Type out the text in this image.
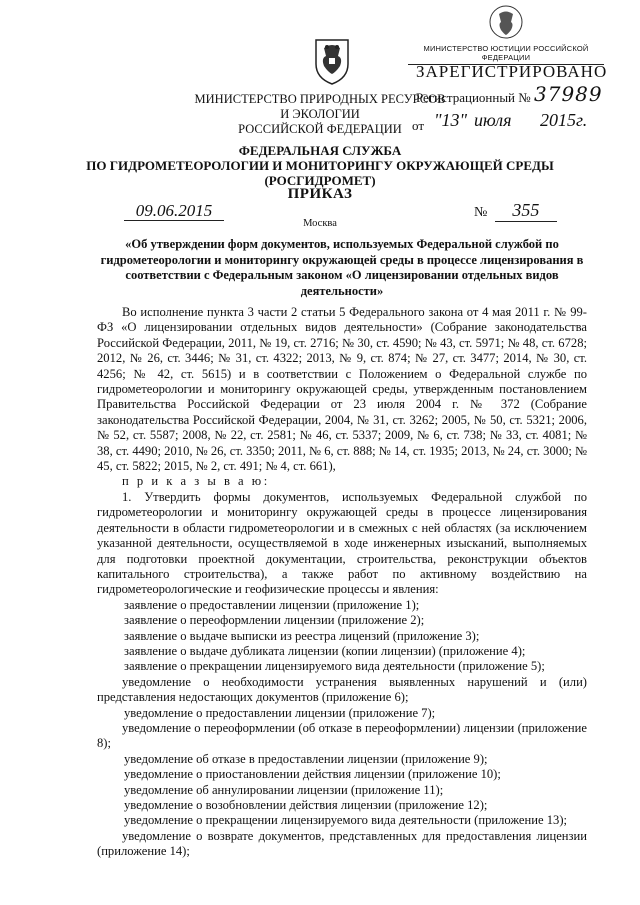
МИНИСТЕРСТВО ЮСТИЦИИ РОССИЙСКОЙ ФЕДЕРАЦИИ
ЗАРЕГИСТРИРОВАНО
Регистрационный № 37989
от "13" июля 2015г.
МИНИСТЕРСТВО ПРИРОДНЫХ РЕСУРСОВ И ЭКОЛОГИИ
РОССИЙСКОЙ ФЕДЕРАЦИИ
ФЕДЕРАЛЬНАЯ СЛУЖБА
ПО ГИДРОМЕТЕОРОЛОГИИ И МОНИТОРИНГУ ОКРУЖАЮЩЕЙ СРЕДЫ
(РОСГИДРОМЕТ)
ПРИКАЗ
09.06.2015
Москва
№ 355
«Об утверждении форм документов, используемых Федеральной службой по гидрометеорологии и мониторингу окружающей среды в процессе лицензирования в соответствии с Федеральным законом «О лицензировании отдельных видов деятельности»

Во исполнение пункта 3 части 2 статьи 5 Федерального закона от 4 мая 2011 г. № 99-ФЗ «О лицензировании отдельных видов деятельности» (Собрание законодательства Российской Федерации, 2011, № 19, ст. 2716; № 30, ст. 4590; № 43, ст. 5971; № 48, ст. 6728; 2012, № 26, ст. 3446; № 31, ст. 4322; 2013, № 9, ст. 874; № 27, ст. 3477; 2014, № 30, ст. 4256; № 42, ст. 5615) и в соответствии с Положением о Федеральной службе по гидрометеорологии и мониторингу окружающей среды, утвержденным постановлением Правительства Российской Федерации от 23 июля 2004 г. № 372 (Собрание законодательства Российской Федерации, 2004, № 31, ст. 3262; 2005, № 50, ст. 5321; 2006, № 52, ст. 5587; 2008, № 22, ст. 2581; № 46, ст. 5337; 2009, № 6, ст. 738; № 33, ст. 4081; № 38, ст. 4490; 2010, № 26, ст. 3350; 2011, № 6, ст. 888; № 14, ст. 1935; 2013, № 24, ст. 3000; № 45, ст. 5822; 2015, № 2, ст. 491; № 4, ст. 661),

п р и к а з ы в а ю:

1. Утвердить формы документов, используемых Федеральной службой по гидрометеорологии и мониторингу окружающей среды в процессе лицензирования деятельности в области гидрометеорологии и в смежных с ней областях (за исключением указанной деятельности, осуществляемой в ходе инженерных изысканий, выполняемых для подготовки проектной документации, строительства, реконструкции объектов капитального строительства), а также работ по активному воздействию на гидрометеорологические и геофизические процессы и явления:

заявление о предоставлении лицензии (приложение 1);

заявление о переоформлении лицензии (приложение 2);

заявление о выдаче выписки из реестра лицензий (приложение 3);

заявление о выдаче дубликата лицензии (копии лицензии) (приложение 4);

заявление о прекращении лицензируемого вида деятельности (приложение 5);

уведомление о необходимости устранения выявленных нарушений и (или) представления недостающих документов (приложение 6);

уведомление о предоставлении лицензии (приложение 7);

уведомление о переоформлении (об отказе в переоформлении) лицензии (приложение 8);

уведомление об отказе в предоставлении лицензии (приложение 9);

уведомление о приостановлении действия лицензии (приложение 10);

уведомление об аннулировании лицензии (приложение 11);

уведомление о возобновлении действия лицензии (приложение 12);

уведомление о прекращении лицензируемого вида деятельности (приложение 13);

уведомление о возврате документов, представленных для предоставления лицензии (приложение 14);
